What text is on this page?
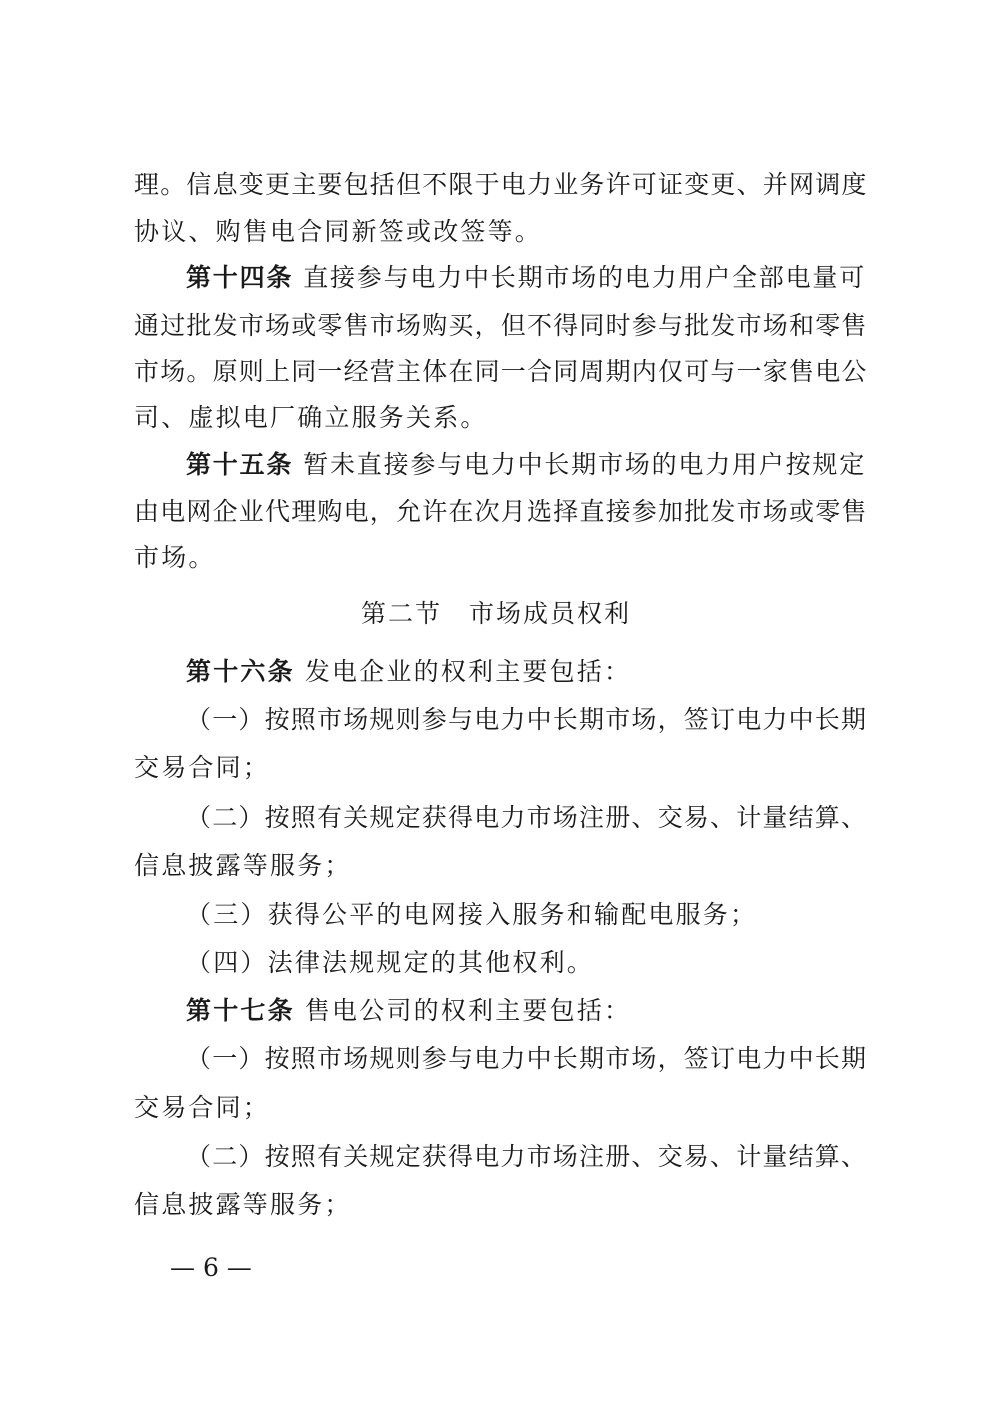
理。信息变更主要包括但不限于电力业务许可证变更、并网调度
协议、购售电合同新签或改签等。
第十四条 直接参与电力中长期市场的电力用户全部电量可
通过批发市场或零售市场购买，但不得同时参与批发市场和零售
市场。原则上同一经营主体在同一合同周期内仅可与一家售电公
司、虚拟电厂确立服务关系。
第十五条 暂未直接参与电力中长期市场的电力用户按规定
由电网企业代理购电，允许在次月选择直接参加批发市场或零售
市场。
第二节　市场成员权利
第十六条 发电企业的权利主要包括：
（一）按照市场规则参与电力中长期市场，签订电力中长期
交易合同；
（二）按照有关规定获得电力市场注册、交易、计量结算、
信息披露等服务；
（三）获得公平的电网接入服务和输配电服务；
（四）法律法规规定的其他权利。
第十七条 售电公司的权利主要包括：
（一）按照市场规则参与电力中长期市场，签订电力中长期
交易合同；
（二）按照有关规定获得电力市场注册、交易、计量结算、
信息披露等服务；
— 6 —
